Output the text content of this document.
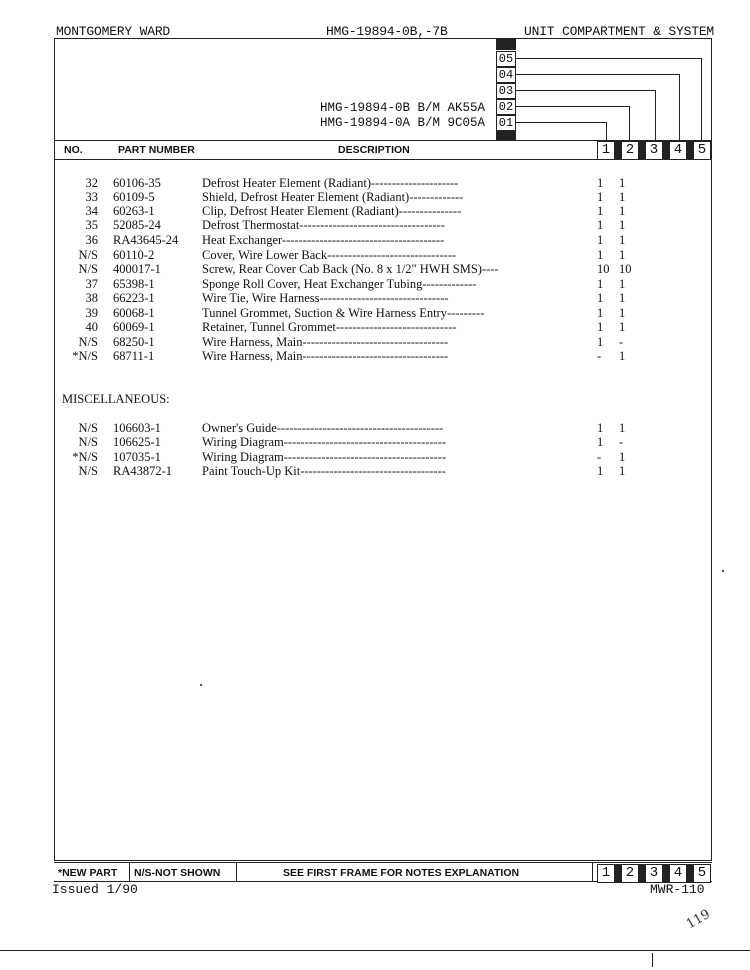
MONTGOMERY WARD	HMG-19894-0B,-7B	UNIT COMPARTMENT & SYSTEM
HMG-19894-0B B/M AK55A
HMG-19894-0A B/M 9C05A
05
04
03
02
01
NO.	PART NUMBER	DESCRIPTION	1	2	3	4	5
32 60106-35	Defrost Heater Element (Radiant)---------------------	1 1
33 60109-5	Shield, Defrost Heater Element (Radiant)-------------	1 1
34 60263-1	Clip, Defrost Heater Element (Radiant)---------------	1 1
35 52085-24	Defrost Thermostat-----------------------------------	1 1
36 RA43645-24 Heat Exchanger---------------------------------------	1 1
N/S 60110-2	Cover, Wire Lower Back-------------------------------	1 1
N/S 400017-1	Screw, Rear Cover Cab Back (No. 8 x 1/2" HWH SMS)----	10 10
37 65398-1	Sponge Roll Cover, Heat Exchanger Tubing-------------	1 1
38 66223-1	Wire Tie, Wire Harness-------------------------------	1 1
39 60068-1	Tunnel Grommet, Suction & Wire Harness Entry---------	1 1
40 60069-1	Retainer, Tunnel Grommet-----------------------------	1 1
N/S 68250-1	Wire Harness, Main-----------------------------------	1 -
*N/S 68711-1	Wire Harness, Main-----------------------------------	- 1
MISCELLANEOUS:
N/S 106603-1	Owner's Guide----------------------------------------	1 1
N/S 106625-1	Wiring Diagram---------------------------------------	1 -
*N/S 107035-1	Wiring Diagram---------------------------------------	- 1
N/S RA43872-1 Paint Touch-Up Kit-----------------------------------	1 1
*NEW PART N/S-NOT SHOWN	SEE FIRST FRAME FOR NOTES EXPLANATION	1	2	3	4	5
Issued 1/90	MWR-110
119
